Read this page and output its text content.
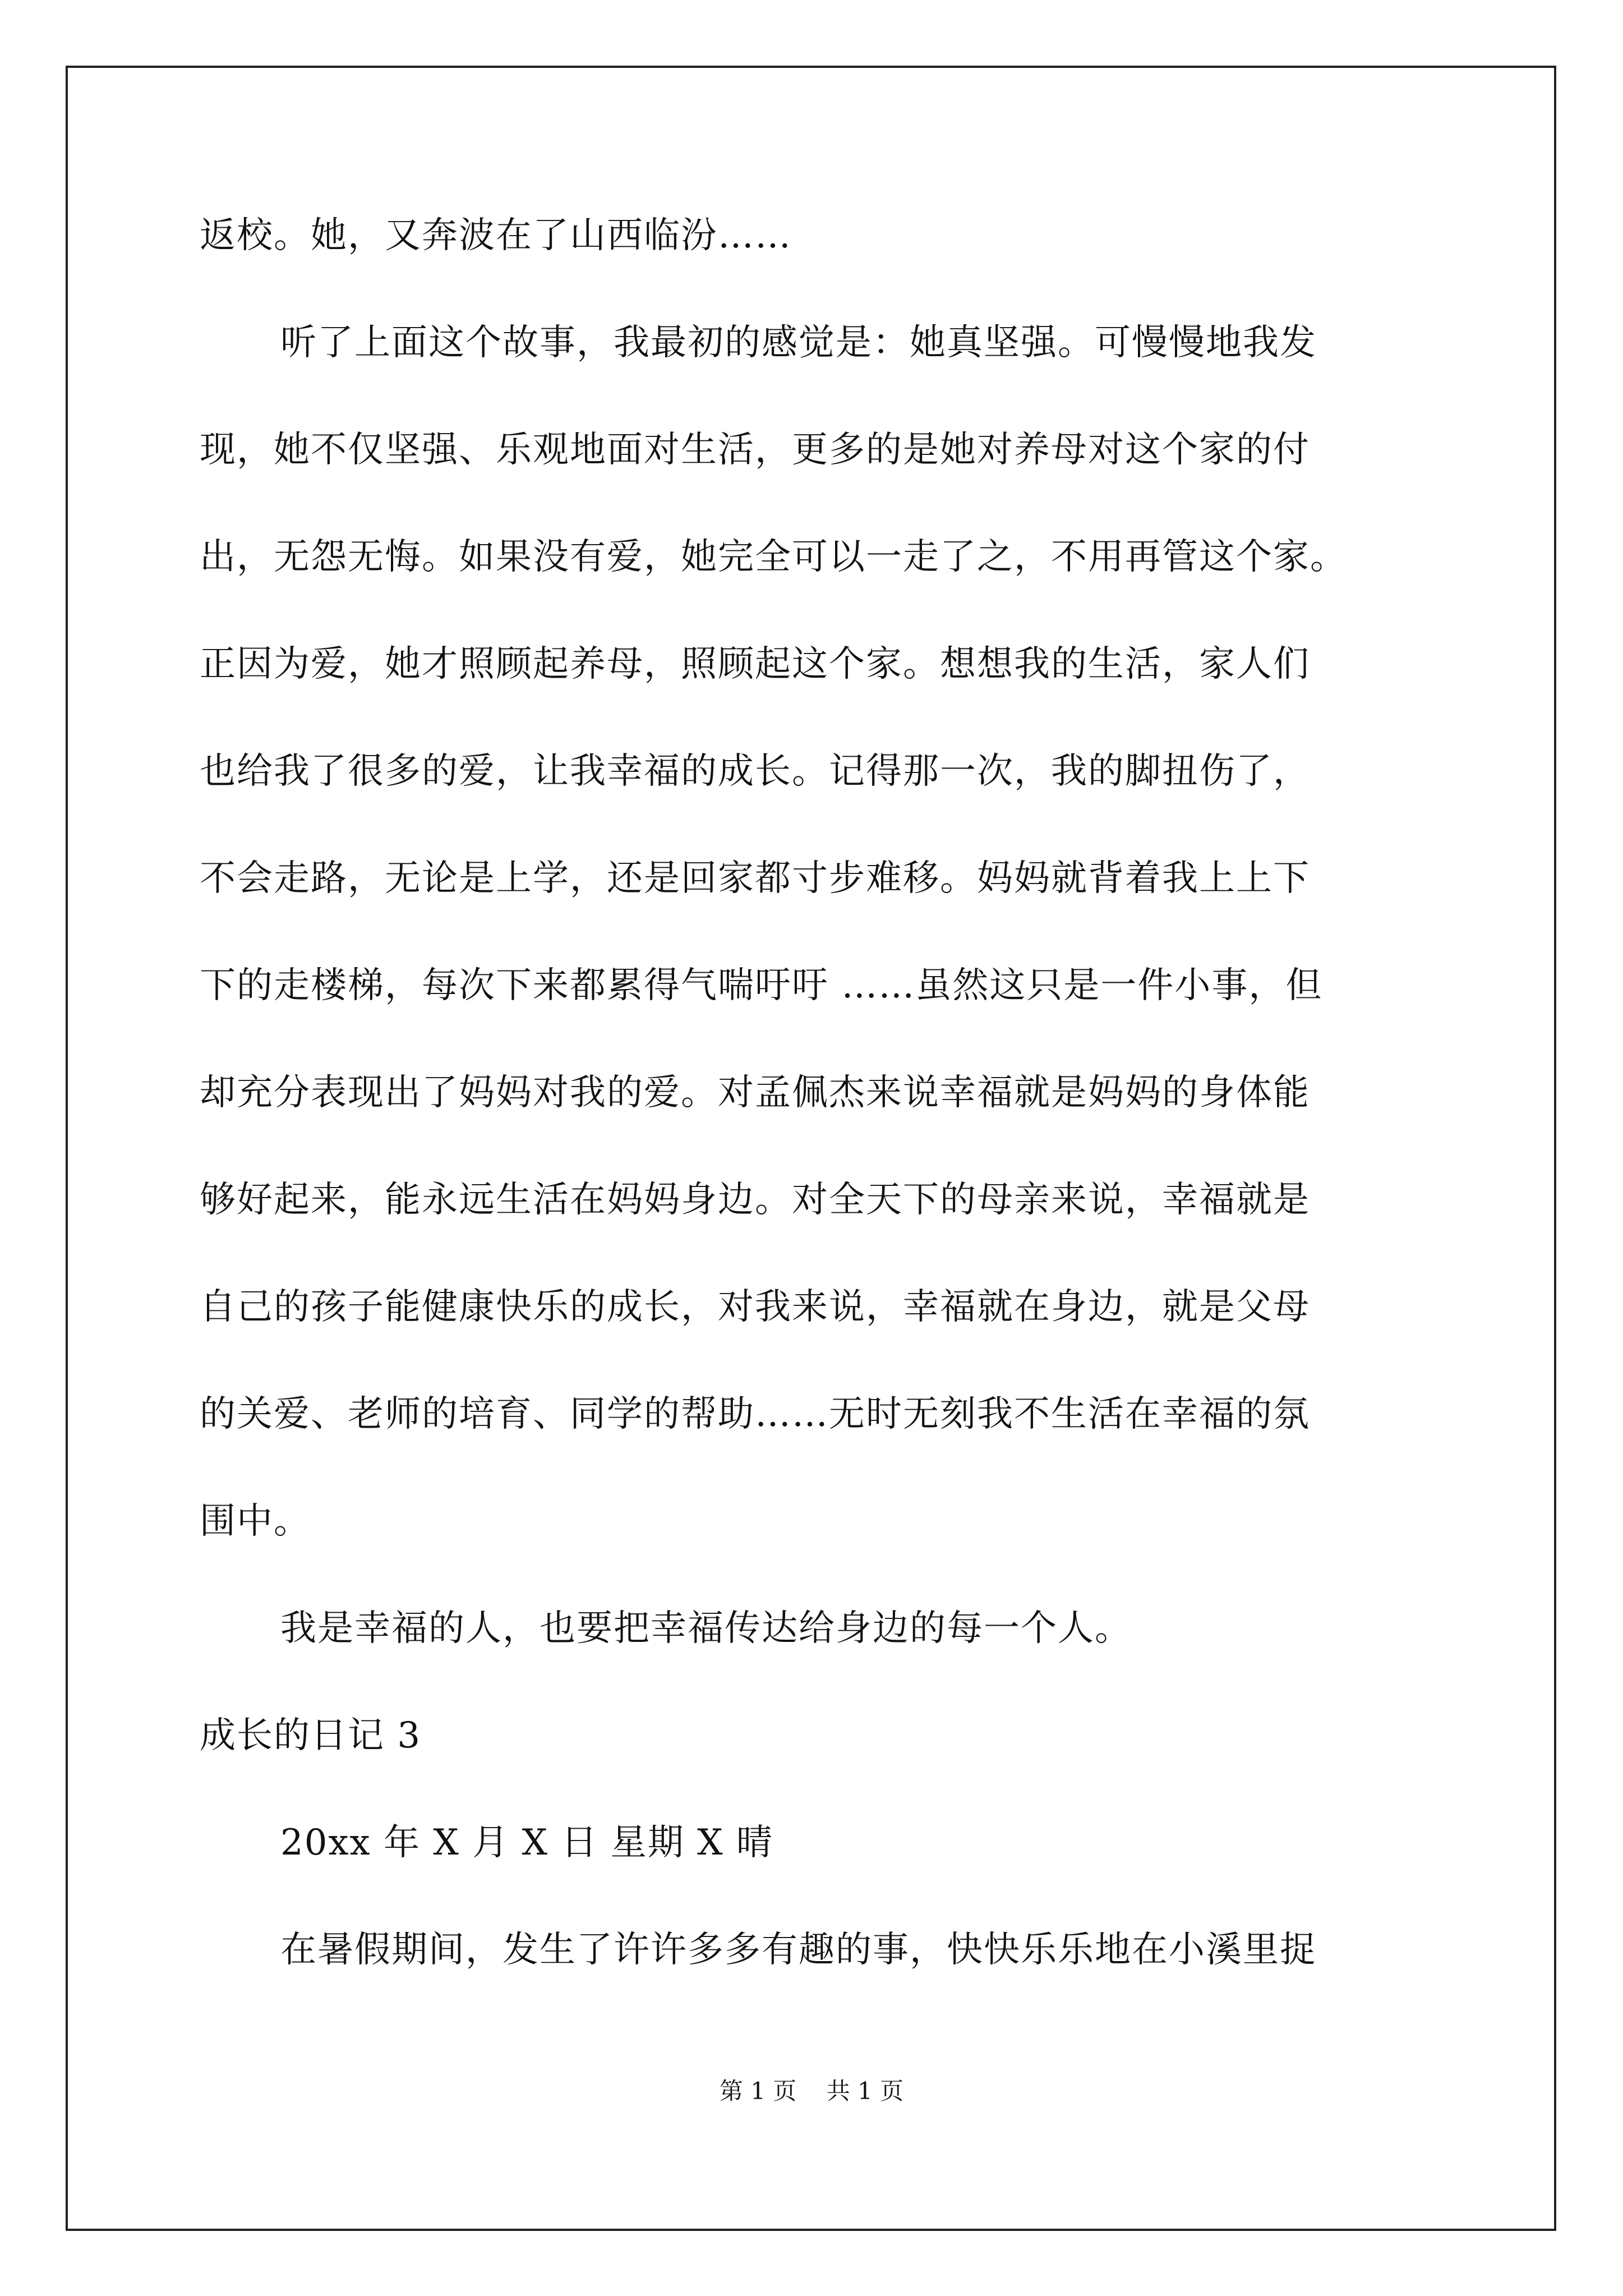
返校。她，又奔波在了山西临汾……
听了上面这个故事，我最初的感觉是：她真坚强。可慢慢地我发
现，她不仅坚强、乐观地面对生活，更多的是她对养母对这个家的付
出，无怨无悔。如果没有爱，她完全可以一走了之，不用再管这个家。
正因为爱，她才照顾起养母，照顾起这个家。想想我的生活，家人们
也给我了很多的爱，让我幸福的成长。记得那一次，我的脚扭伤了，
不会走路，无论是上学，还是回家都寸步难移。妈妈就背着我上上下
下的走楼梯，每次下来都累得气喘吁吁 ……虽然这只是一件小事，但
却充分表现出了妈妈对我的爱。对孟佩杰来说幸福就是妈妈的身体能
够好起来，能永远生活在妈妈身边。对全天下的母亲来说，幸福就是
自己的孩子能健康快乐的成长，对我来说，幸福就在身边，就是父母
的关爱、老师的培育、同学的帮助……无时无刻我不生活在幸福的氛
围中。
我是幸福的人，也要把幸福传达给身边的每一个人。
成长的日记 3
20xx 年 X 月 X 日 星期 X 晴
在暑假期间，发生了许许多多有趣的事，快快乐乐地在小溪里捉
第 1 页    共 1 页
